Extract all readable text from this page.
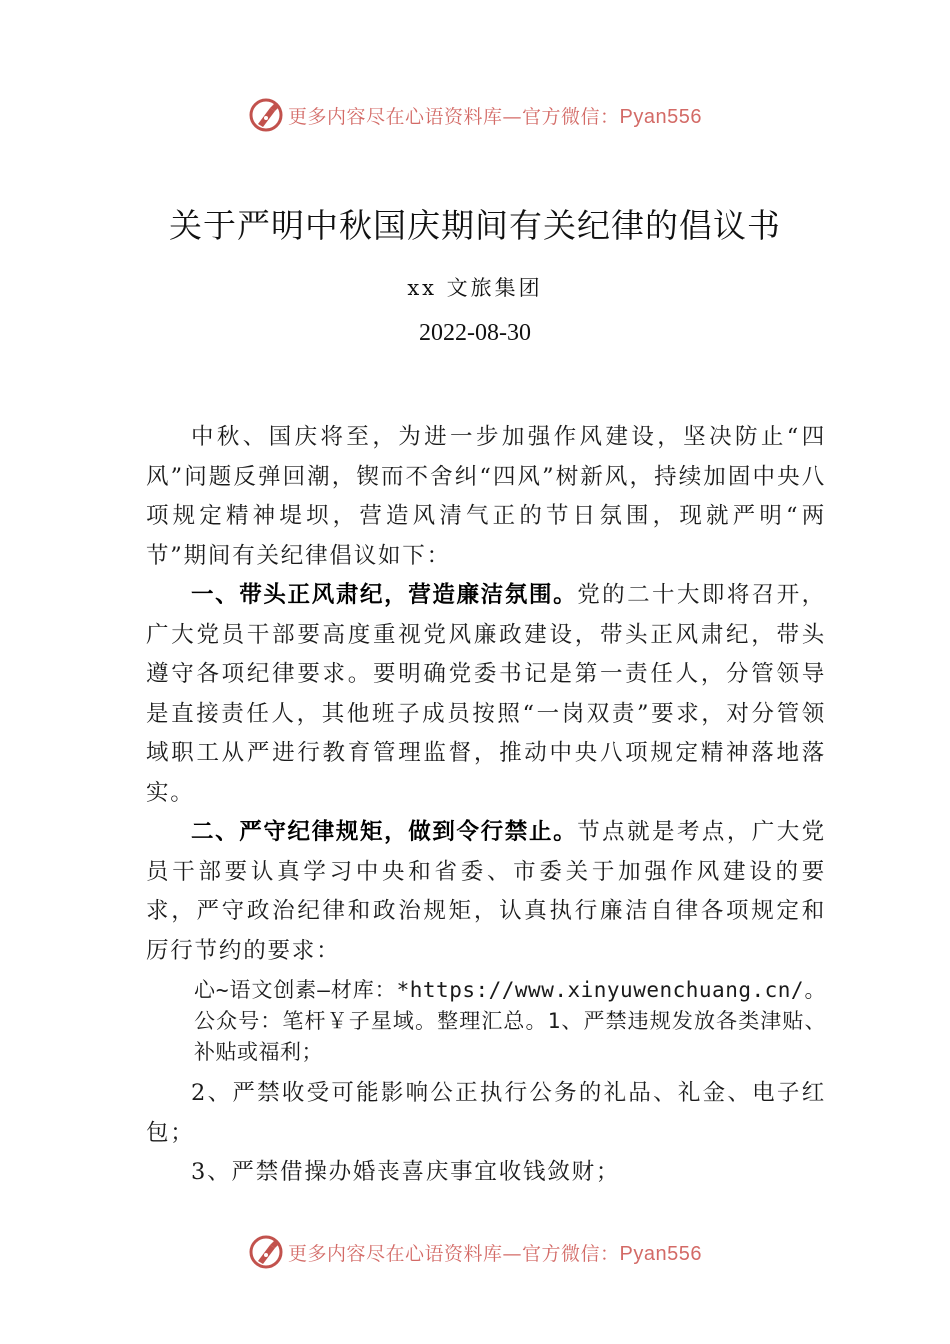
更多内容尽在心语资料库—官方微信：Pyan556
关于严明中秋国庆期间有关纪律的倡议书
xx 文旅集团
2022-08-30

中秋、国庆将至，为进一步加强作风建设，坚决防止“四风”问题反弹回潮，锲而不舍纠“四风”树新风，持续加固中央八项规定精神堤坝，营造风清气正的节日氛围，现就严明“两节”期间有关纪律倡议如下：

一、带头正风肃纪，营造廉洁氛围。党的二十大即将召开，广大党员干部要高度重视党风廉政建设，带头正风肃纪，带头遵守各项纪律要求。要明确党委书记是第一责任人，分管领导是直接责任人，其他班子成员按照“一岗双责”要求，对分管领域职工从严进行教育管理监督，推动中央八项规定精神落地落实。

二、严守纪律规矩，做到令行禁止。节点就是考点，广大党员干部要认真学习中央和省委、市委关于加强作风建设的要求，严守政治纪律和政治规矩，认真执行廉洁自律各项规定和厉行节约的要求：

心~语文创素—材库：*https://www.xinyuwenchuang.cn/。公众号：笔杆￥子星域。整理汇总。1、严禁违规发放各类津贴、补贴或福利；

2、严禁收受可能影响公正执行公务的礼品、礼金、电子红包；

3、严禁借操办婚丧喜庆事宜收钱敛财；

更多内容尽在心语资料库—官方微信：Pyan556
